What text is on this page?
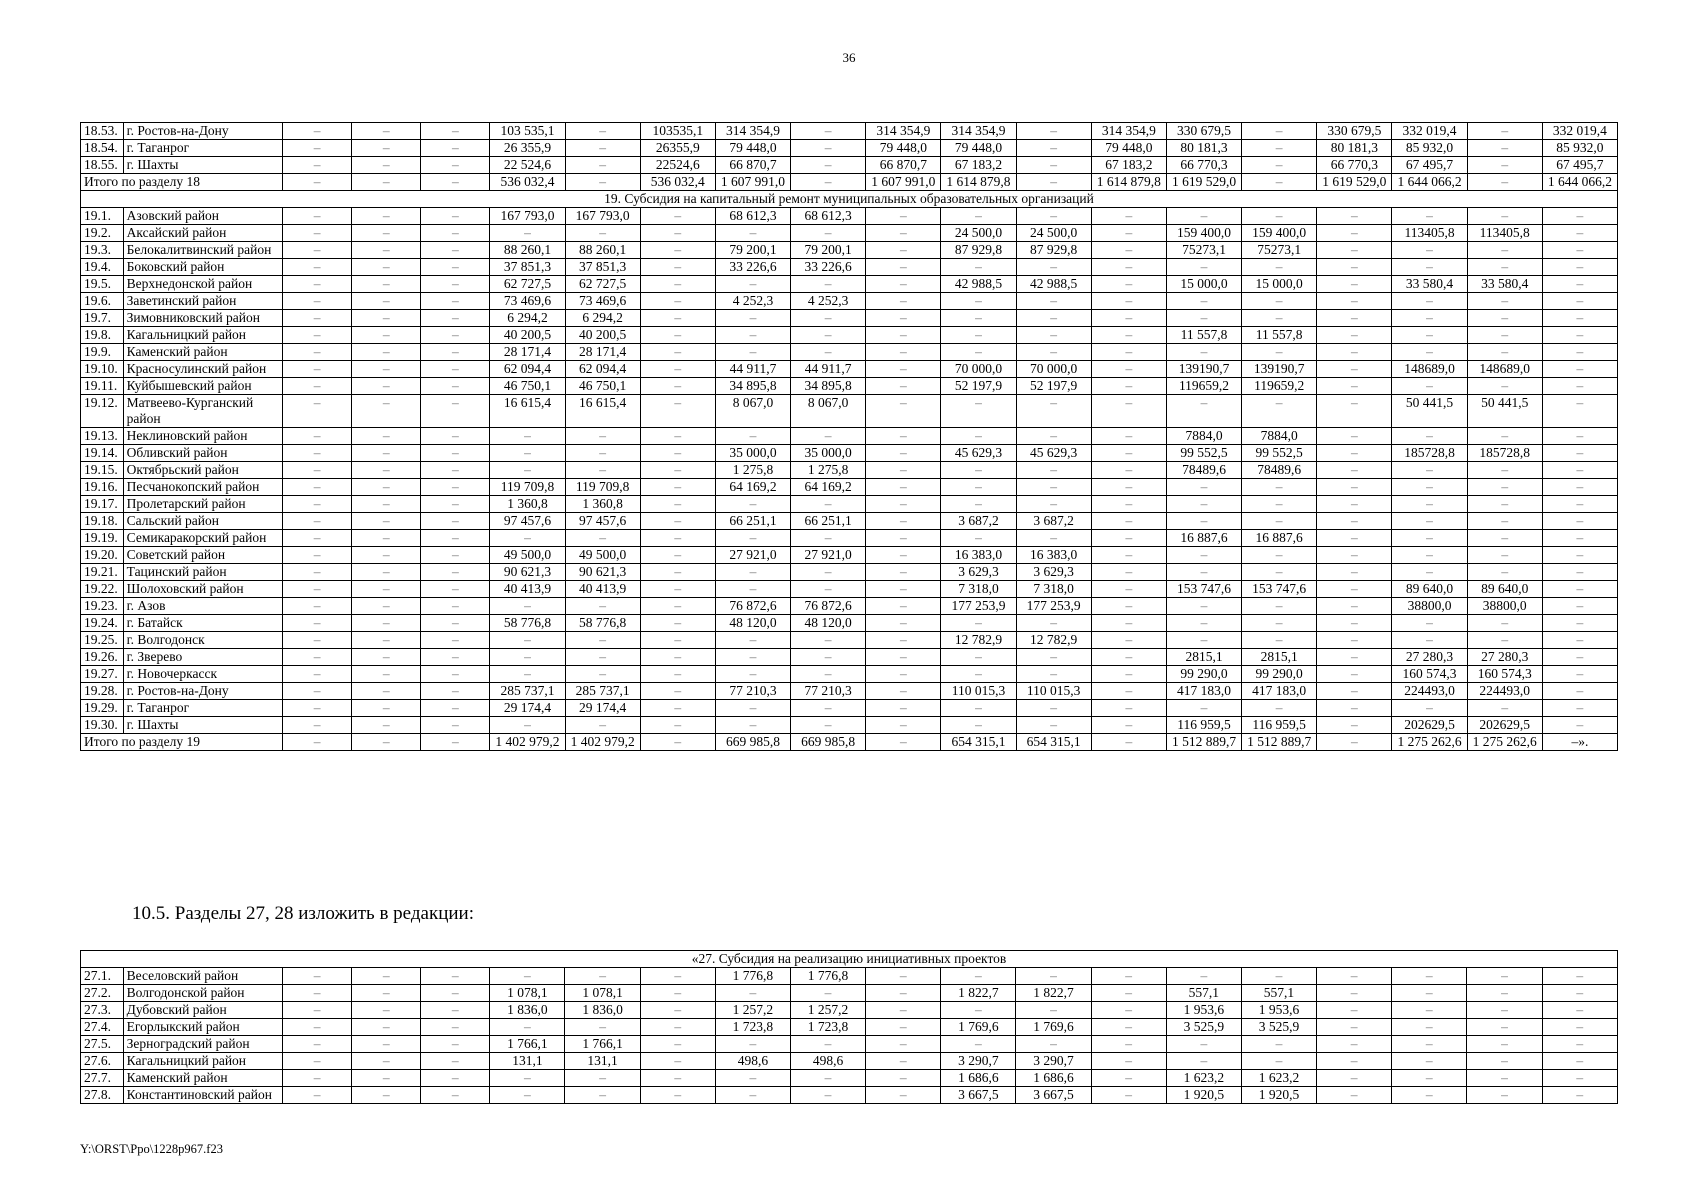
36
18.53.	г. Ростов-на-Дону	–	–	–	103 535,1	–	103535,1	314 354,9	–	314 354,9	314 354,9	–	314 354,9	330 679,5	–	330 679,5	332 019,4	–	332 019,4
18.54.	г. Таганрог	–	–	–	26 355,9	–	26355,9	79 448,0	–	79 448,0	79 448,0	–	79 448,0	80 181,3	–	80 181,3	85 932,0	–	85 932,0
18.55.	г. Шахты	–	–	–	22 524,6	–	22524,6	66 870,7	–	66 870,7	67 183,2	–	67 183,2	66 770,3	–	66 770,3	67 495,7	–	67 495,7
Итого по разделу 18		–	–	–	536 032,4	–	536 032,4	1 607 991,0	–	1 607 991,0	1 614 879,8	–	1 614 879,8	1 619 529,0	–	1 619 529,0	1 644 066,2	–	1 644 066,2
19. Субсидия на капитальный ремонт муниципальных образовательных организаций																			
19.1.	Азовский район	–	–	–	167 793,0	167 793,0	–	68 612,3	68 612,3	–	–	–	–	–	–	–	–	–	–
19.2.	Аксайский район	–	–	–	–	–	–	–	–	–	24 500,0	24 500,0	–	159 400,0	159 400,0	–	113405,8	113405,8	–
19.3.	Белокалитвинский район	–	–	–	88 260,1	88 260,1	–	79 200,1	79 200,1	–	87 929,8	87 929,8	–	75273,1	75273,1	–	–	–	–
19.4.	Боковский район	–	–	–	37 851,3	37 851,3	–	33 226,6	33 226,6	–	–	–	–	–	–	–	–	–	–
19.5.	Верхнедонской район	–	–	–	62 727,5	62 727,5	–	–	–	–	42 988,5	42 988,5	–	15 000,0	15 000,0	–	33 580,4	33 580,4	–
19.6.	Заветинский район	–	–	–	73 469,6	73 469,6	–	4 252,3	4 252,3	–	–	–	–	–	–	–	–	–	–
19.7.	Зимовниковский район	–	–	–	6 294,2	6 294,2	–	–	–	–	–	–	–	–	–	–	–	–	–
19.8.	Кагальницкий район	–	–	–	40 200,5	40 200,5	–	–	–	–	–	–	–	11 557,8	11 557,8	–	–	–	–
19.9.	Каменский район	–	–	–	28 171,4	28 171,4	–	–	–	–	–	–	–	–	–	–	–	–	–
19.10.	Красносулинский район	–	–	–	62 094,4	62 094,4	–	44 911,7	44 911,7	–	70 000,0	70 000,0	–	139190,7	139190,7	–	148689,0	148689,0	–
19.11.	Куйбышевский район	–	–	–	46 750,1	46 750,1	–	34 895,8	34 895,8	–	52 197,9	52 197,9	–	119659,2	119659,2	–	–	–	–
19.12.	Матвеево-Курганский район	–	–	–	16 615,4	16 615,4	–	8 067,0	8 067,0	–	–	–	–	–	–	–	50 441,5	50 441,5	–
19.13.	Неклиновский район	–	–	–	–	–	–	–	–	–	–	–	–	7884,0	7884,0	–	–	–	–
19.14.	Обливский район	–	–	–	–	–	–	35 000,0	35 000,0	–	45 629,3	45 629,3	–	99 552,5	99 552,5	–	185728,8	185728,8	–
19.15.	Октябрьский район	–	–	–	–	–	–	1 275,8	1 275,8	–	–	–	–	78489,6	78489,6	–	–	–	–
19.16.	Песчанокопский район	–	–	–	119 709,8	119 709,8	–	64 169,2	64 169,2	–	–	–	–	–	–	–	–	–	–
19.17.	Пролетарский район	–	–	–	1 360,8	1 360,8	–	–	–	–	–	–	–	–	–	–	–	–	–
19.18.	Сальский район	–	–	–	97 457,6	97 457,6	–	66 251,1	66 251,1	–	3 687,2	3 687,2	–	–	–	–	–	–	–
19.19.	Семикаракорский район	–	–	–	–	–	–	–	–	–	–	–	–	16 887,6	16 887,6	–	–	–	–
19.20.	Советский район	–	–	–	49 500,0	49 500,0	–	27 921,0	27 921,0	–	16 383,0	16 383,0	–	–	–	–	–	–	–
19.21.	Тацинский район	–	–	–	90 621,3	90 621,3	–	–	–	–	3 629,3	3 629,3	–	–	–	–	–	–	–
19.22.	Шолоховский район	–	–	–	40 413,9	40 413,9	–	–	–	–	7 318,0	7 318,0	–	153 747,6	153 747,6	–	89 640,0	89 640,0	–
19.23.	г. Азов	–	–	–	–	–	–	76 872,6	76 872,6	–	177 253,9	177 253,9	–	–	–	–	38800,0	38800,0	–
19.24.	г. Батайск	–	–	–	58 776,8	58 776,8	–	48 120,0	48 120,0	–	–	–	–	–	–	–	–	–	–
19.25.	г. Волгодонск	–	–	–	–	–	–	–	–	–	12 782,9	12 782,9	–	–	–	–	–	–	–
19.26.	г. Зверево	–	–	–	–	–	–	–	–	–	–	–	–	2815,1	2815,1	–	27 280,3	27 280,3	–
19.27.	г. Новочеркасск	–	–	–	–	–	–	–	–	–	–	–	–	99 290,0	99 290,0	–	160 574,3	160 574,3	–
19.28.	г. Ростов-на-Дону	–	–	–	285 737,1	285 737,1	–	77 210,3	77 210,3	–	110 015,3	110 015,3	–	417 183,0	417 183,0	–	224493,0	224493,0	–
19.29.	г. Таганрог	–	–	–	29 174,4	29 174,4	–	–	–	–	–	–	–	–	–	–	–	–	–
19.30.	г. Шахты	–	–	–	–	–	–	–	–	–	–	–	–	116 959,5	116 959,5	–	202629,5	202629,5	–
Итого по разделу 19		–	–	–	1 402 979,2	1 402 979,2	–	669 985,8	669 985,8	–	654 315,1	654 315,1	–	1 512 889,7	1 512 889,7	–	1 275 262,6	1 275 262,6	–».
10.5. Разделы 27, 28 изложить в редакции:
«27. Субсидия на реализацию инициативных проектов																			
27.1.	Веселовский район	–	–	–	–	–	–	1 776,8	1 776,8	–	–	–	–	–	–	–	–	–	–
27.2.	Волгодонской район	–	–	–	1 078,1	1 078,1	–	–	–	–	1 822,7	1 822,7	–	557,1	557,1	–	–	–	–
27.3.	Дубовский район	–	–	–	1 836,0	1 836,0	–	1 257,2	1 257,2	–	–	–	–	1 953,6	1 953,6	–	–	–	–
27.4.	Егорлыкский район	–	–	–	–	–	–	1 723,8	1 723,8	–	1 769,6	1 769,6	–	3 525,9	3 525,9	–	–	–	–
27.5.	Зерноградский район	–	–	–	1 766,1	1 766,1	–	–	–	–	–	–	–	–	–	–	–	–	–
27.6.	Кагальницкий район	–	–	–	131,1	131,1	–	498,6	498,6	–	3 290,7	3 290,7	–	–	–	–	–	–	–
27.7.	Каменский район	–	–	–	–	–	–	–	–	–	1 686,6	1 686,6	–	1 623,2	1 623,2	–	–	–	–
27.8.	Константиновский район	–	–	–	–	–	–	–	–	–	3 667,5	3 667,5	–	1 920,5	1 920,5	–	–	–	–
Y:\ORST\Ppo\1228p967.f23
